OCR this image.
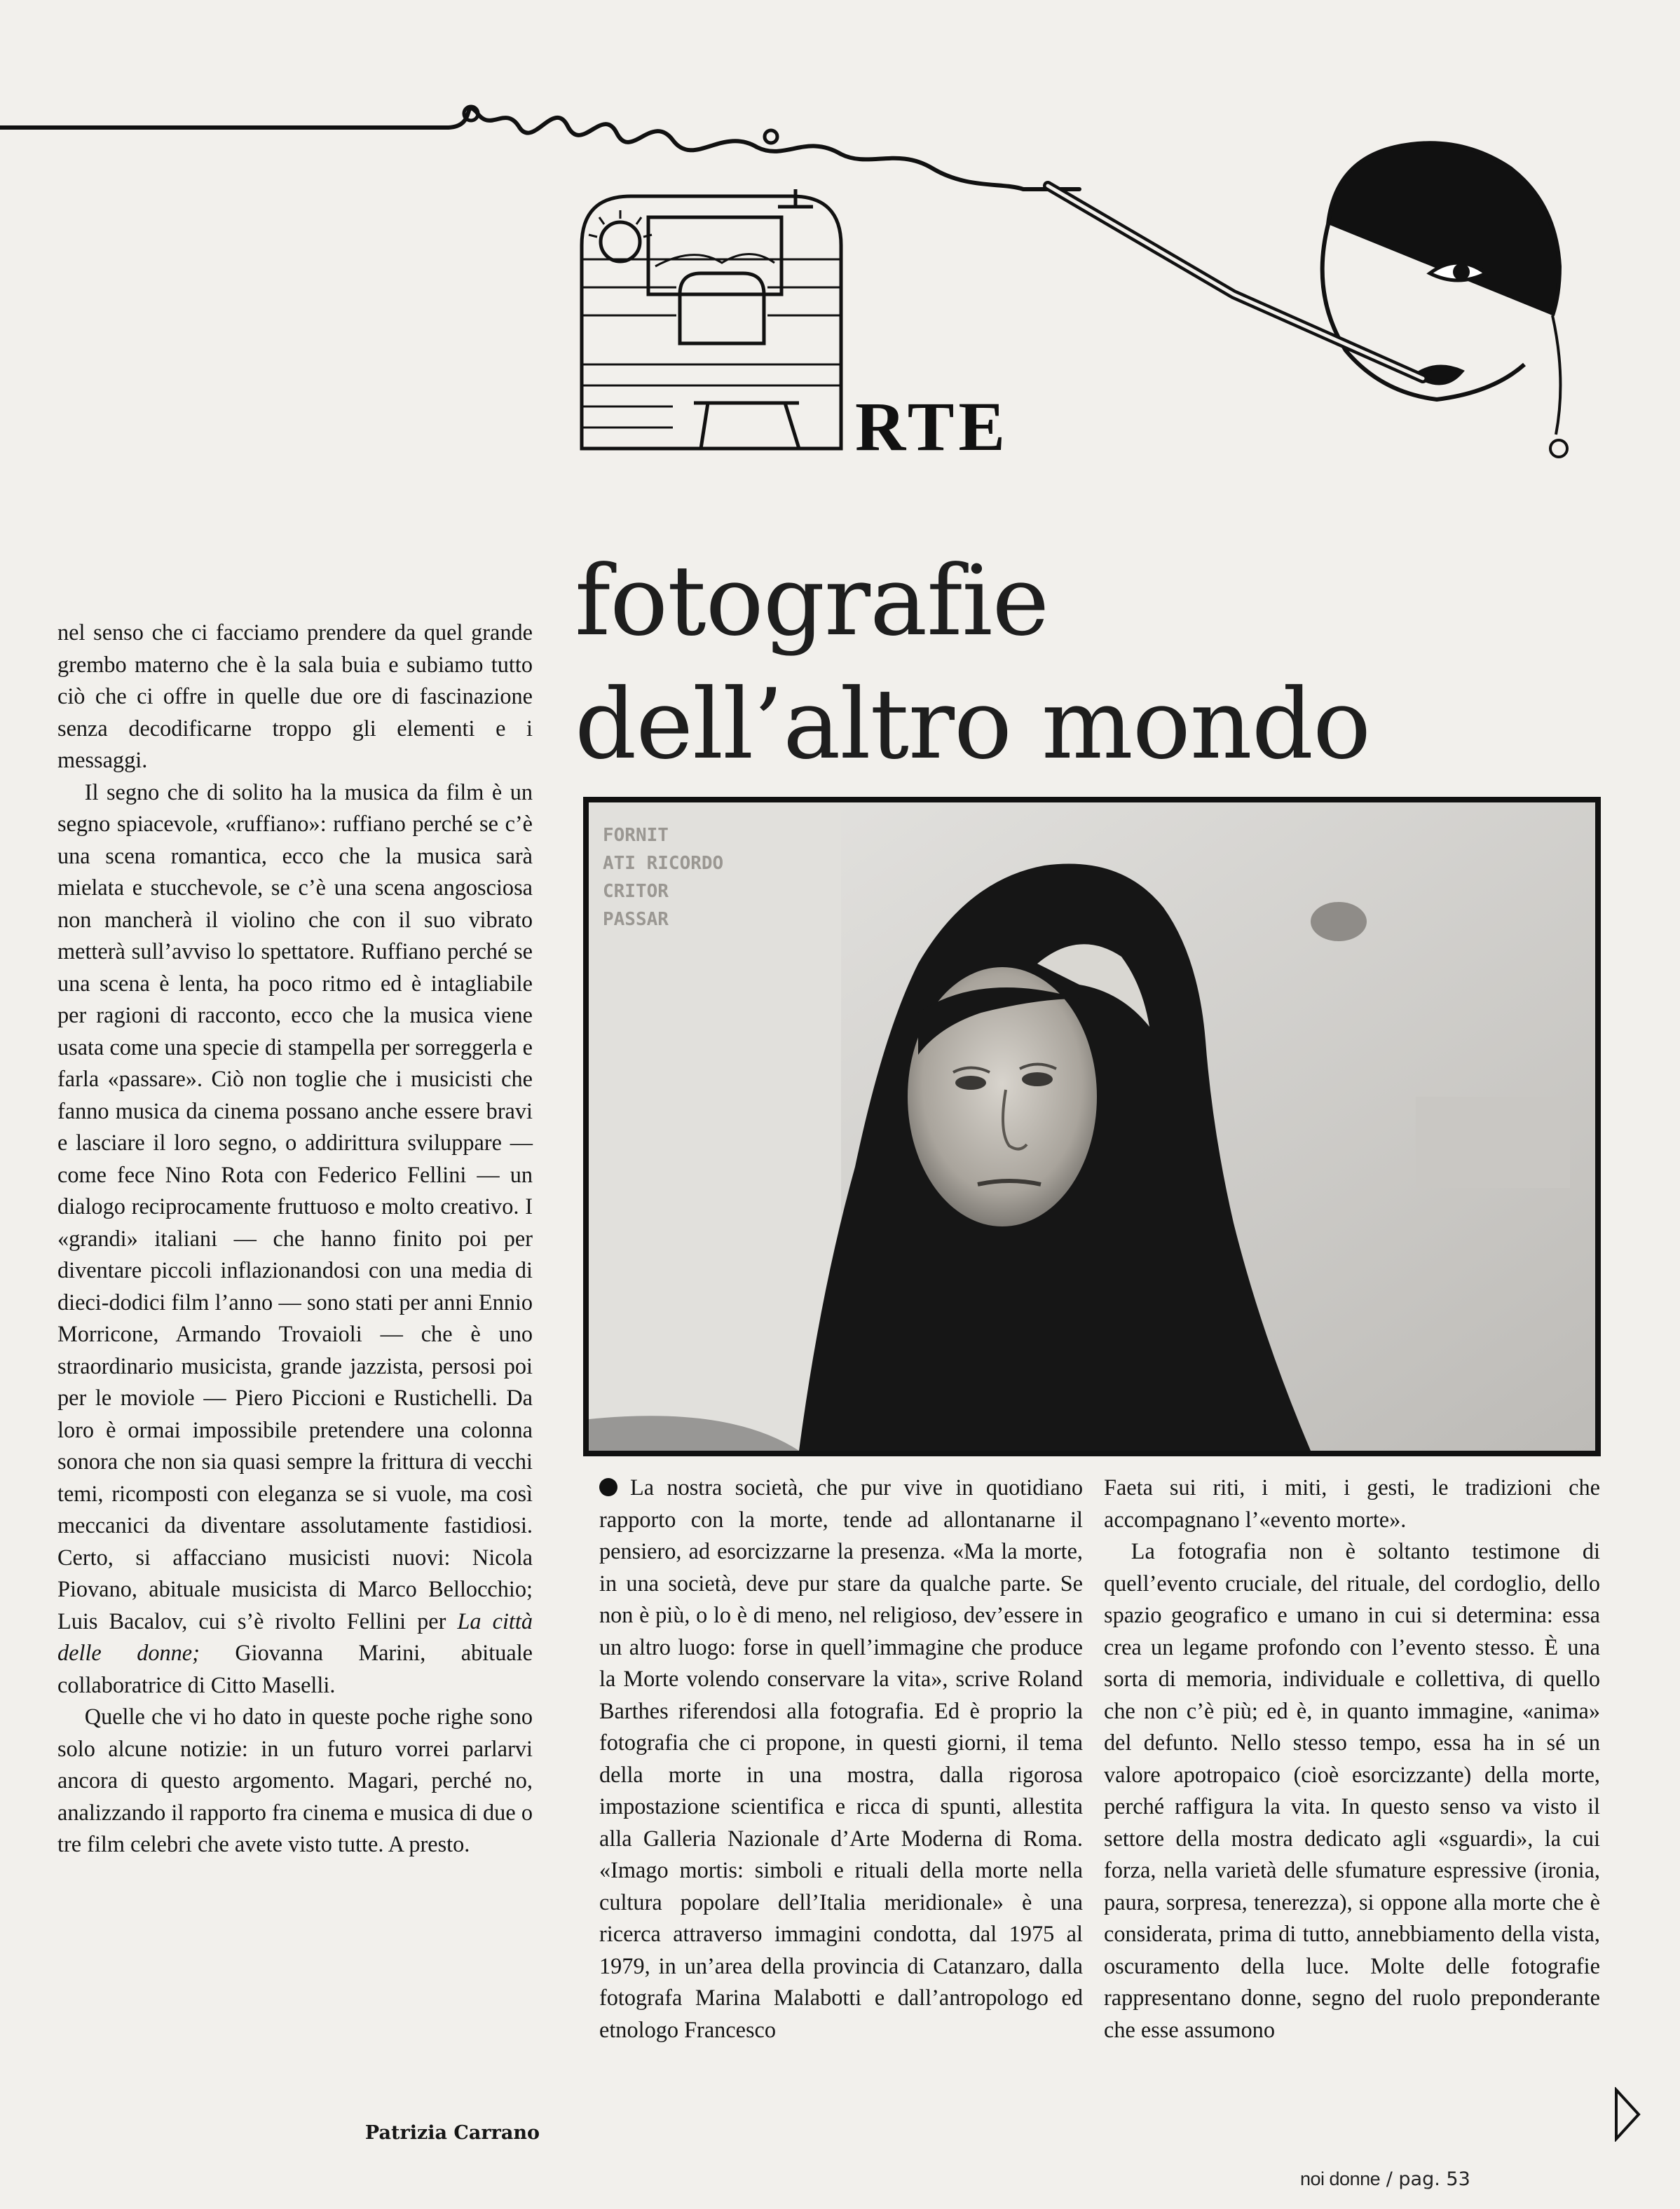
RTE
fotografie
dell’altro mondo
FORNIT
ATI RICORDO
CRITOR
PASSAR

nel senso che ci facciamo prendere da quel grande grembo materno che è la sala buia e subiamo tutto ciò che ci offre in quelle due ore di fascinazione senza decodificarne troppo gli elementi e i messaggi.

Il segno che di solito ha la musica da film è un segno spiacevole, «ruffiano»: ruffiano perché se c’è una scena romantica, ecco che la musica sarà mielata e stucchevole, se c’è una scena angosciosa non mancherà il violino che con il suo vibrato metterà sull’avviso lo spettatore. Ruffiano perché se una scena è lenta, ha poco ritmo ed è intagliabile per ragioni di racconto, ecco che la musica viene usata come una specie di stampella per sorreggerla e farla «passare». Ciò non toglie che i musicisti che fanno musica da cinema possano anche essere bravi e lasciare il loro segno, o addirittura sviluppare — come fece Nino Rota con Federico Fellini — un dialogo reciprocamente fruttuoso e molto creativo. I «grandi» italiani — che hanno finito poi per diventare piccoli inflazionandosi con una media di dieci-dodici film l’anno — sono stati per anni Ennio Morricone, Armando Trovaioli — che è uno straordinario musicista, grande jazzista, persosi poi per le moviole — Piero Piccioni e Rustichelli. Da loro è ormai impossibile pretendere una colonna sonora che non sia quasi sempre la frittura di vecchi temi, ricomposti con eleganza se si vuole, ma così meccanici da diventare assolutamente fastidiosi. Certo, si affacciano musicisti nuovi: Nicola Piovano, abituale musicista di Marco Bellocchio; Luis Bacalov, cui s’è rivolto Fellini per La città delle donne; Giovanna Marini, abituale collaboratrice di Citto Maselli.

Quelle che vi ho dato in queste poche righe sono solo alcune notizie: in un futuro vorrei parlarvi ancora di questo argomento. Magari, perché no, analizzando il rapporto fra cinema e musica di due o tre film celebri che avete visto tutte. A presto.

Patrizia Carrano

La nostra società, che pur vive in quotidiano rapporto con la morte, tende ad allontanarne il pensiero, ad esorcizzarne la presenza. «Ma la morte, in una società, deve pur stare da qualche parte. Se non è più, o lo è di meno, nel religioso, dev’essere in un altro luogo: forse in quell’immagine che produce la Morte volendo conservare la vita», scrive Roland Barthes riferendosi alla fotografia. Ed è proprio la fotografia che ci propone, in questi giorni, il tema della morte in una mostra, dalla rigorosa impostazione scientifica e ricca di spunti, allestita alla Galleria Nazionale d’Arte Moderna di Roma. «Imago mortis: simboli e rituali della morte nella cultura popolare dell’Italia meridionale» è una ricerca attraverso immagini condotta, dal 1975 al 1979, in un’area della provincia di Catanzaro, dalla fotografa Marina Malabotti e dall’antropologo ed etnologo Francesco

Faeta sui riti, i miti, i gesti, le tradizioni che accompagnano l’«evento morte».

La fotografia non è soltanto testimone di quell’evento cruciale, del rituale, del cordoglio, dello spazio geografico e umano in cui si determina: essa crea un legame profondo con l’evento stesso. È una sorta di memoria, individuale e collettiva, di quello che non c’è più; ed è, in quanto immagine, «anima» del defunto. Nello stesso tempo, essa ha in sé un valore apotropaico (cioè esorcizzante) della morte, perché raffigura la vita. In questo senso va visto il settore della mostra dedicato agli «sguardi», la cui forza, nella varietà delle sfumature espressive (ironia, paura, sorpresa, tenerezza), si oppone alla morte che è considerata, prima di tutto, annebbiamento della vista, oscuramento della luce. Molte delle fotografie rappresentano donne, segno del ruolo preponderante che esse assumono

noi donne / pag. 53
